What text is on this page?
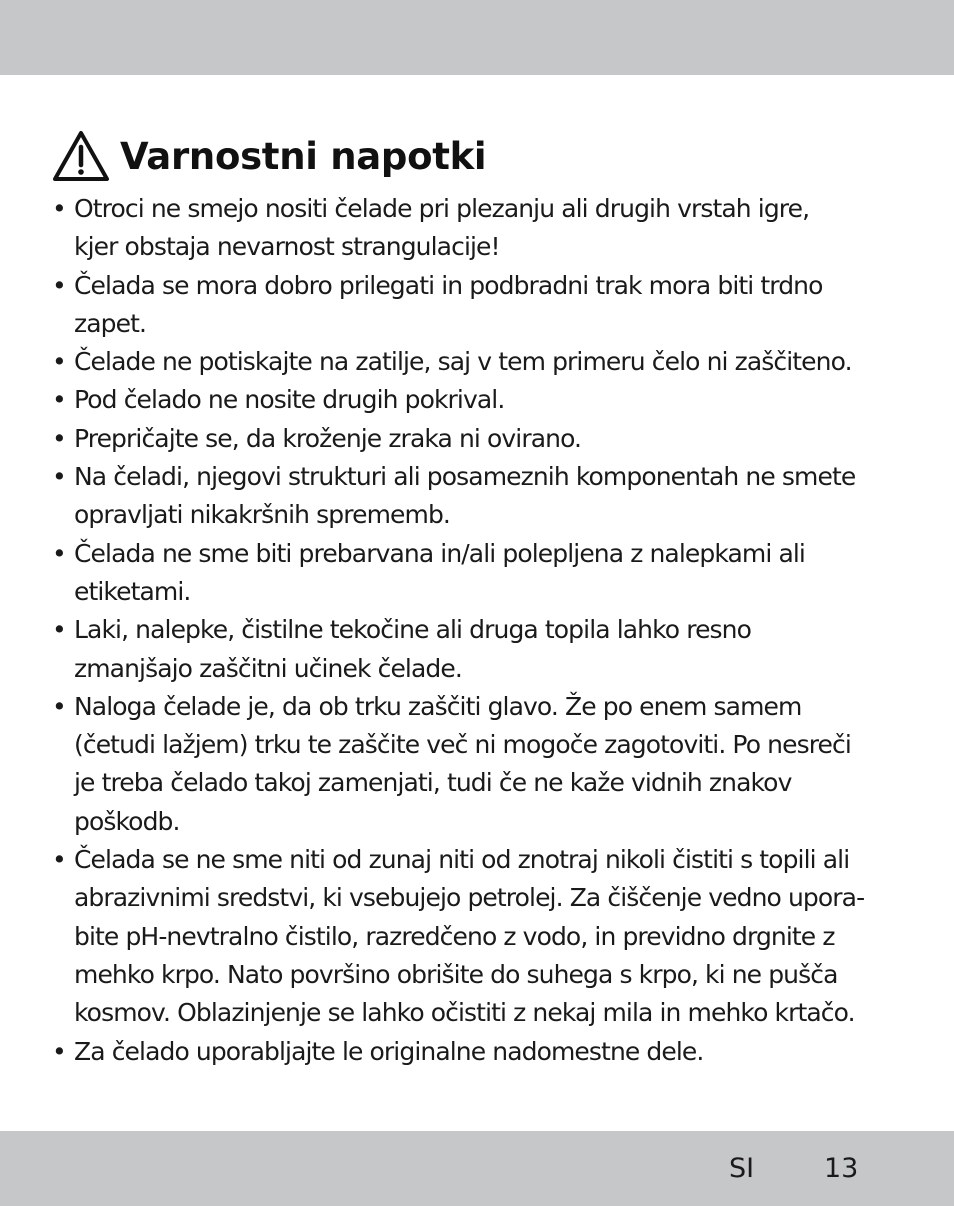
Varnostni napotki
• Otroci ne smejo nositi čelade pri plezanju ali drugih vrstah igre,
kjer obstaja nevarnost strangulacije!
• Čelada se mora dobro prilegati in podbradni trak mora biti trdno
zapet.
• Čelade ne potiskajte na zatilje, saj v tem primeru čelo ni zaščiteno.
• Pod čelado ne nosite drugih pokrival.
• Prepričajte se, da kroženje zraka ni ovirano.
• Na čeladi, njegovi strukturi ali posameznih komponentah ne smete
opravljati nikakršnih sprememb.
• Čelada ne sme biti prebarvana in/ali polepljena z nalepkami ali
etiketami.
• Laki, nalepke, čistilne tekočine ali druga topila lahko resno
zmanjšajo zaščitni učinek čelade.
• Naloga čelade je, da ob trku zaščiti glavo. Že po enem samem
(četudi lažjem) trku te zaščite več ni mogoče zagotoviti. Po nesreči
je treba čelado takoj zamenjati, tudi če ne kaže vidnih znakov
poškodb.
• Čelada se ne sme niti od zunaj niti od znotraj nikoli čistiti s topili ali
abrazivnimi sredstvi, ki vsebujejo petrolej. Za čiščenje vedno upora-
bite pH-nevtralno čistilo, razredčeno z vodo, in previdno drgnite z
mehko krpo. Nato površino obrišite do suhega s krpo, ki ne pušča
kosmov. Oblazinjenje se lahko očistiti z nekaj mila in mehko krtačo.
• Za čelado uporabljajte le originalne nadomestne dele.
SI	13
